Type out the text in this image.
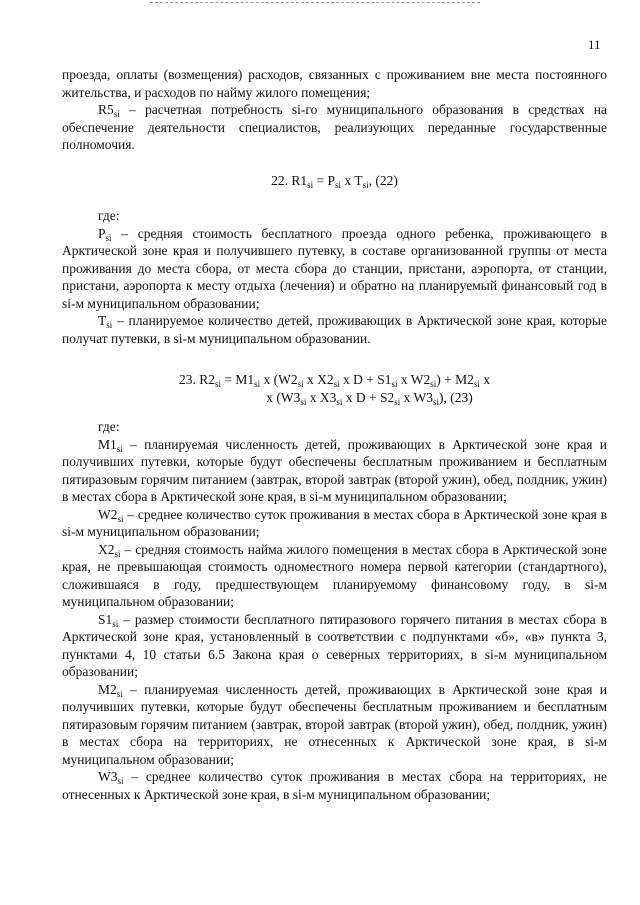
11

проезда, оплаты (возмещения) расходов, связанных с проживанием вне места постоянного жительства, и расходов по найму жилого помещения;

$R5_{si}$ – расчетная потребность si-го муниципального образования в средствах на обеспечение деятельности специалистов, реализующих переданные государственные полномочия.

22. $R1_{si} = P_{si}$ x $T_{si}$, (22)

где:

$P_{si}$ – средняя стоимость бесплатного проезда одного ребенка, проживающего в Арктической зоне края и получившего путевку, в составе организованной группы от места проживания до места сбора, от места сбора до станции, пристани, аэропорта, от станции, пристани, аэропорта к месту отдыха (лечения) и обратно на планируемый финансовый год в si-м муниципальном образовании;

$T_{si}$ – планируемое количество детей, проживающих в Арктической зоне края, которые получат путевки, в si-м муниципальном образовании.

23. $R2_{si} = M1_{si}$ x ($W2_{si}$ x $X2_{si}$ x $D + S1_{si}$ x $W2_{si}) + M2_{si}$ x
x ($W3_{si}$ x $X3_{si}$ x $D + S2_{si}$ x $W3_{si}$), (23)

где:

$M1_{si}$ – планируемая численность детей, проживающих в Арктической зоне края и получивших путевки, которые будут обеспечены бесплатным проживанием и бесплатным пятиразовым горячим питанием (завтрак, второй завтрак (второй ужин), обед, полдник, ужин) в местах сбора в Арктической зоне края, в si-м муниципальном образовании;

$W2_{si}$ – среднее количество суток проживания в местах сбора в Арктической зоне края в si-м муниципальном образовании;

$X2_{si}$ – средняя стоимость найма жилого помещения в местах сбора в Арктической зоне края, не превышающая стоимость одноместного номера первой категории (стандартного), сложившаяся в году, предшествующем планируемому финансовому году, в si-м муниципальном образовании;

$S1_{si}$ – размер стоимости бесплатного пятиразового горячего питания в местах сбора в Арктической зоне края, установленный в соответствии с подпунктами «б», «в» пункта 3, пунктами 4, 10 статьи 6.5 Закона края о северных территориях, в si-м муниципальном образовании;

$M2_{si}$ – планируемая численность детей, проживающих в Арктической зоне края и получивших путевки, которые будут обеспечены бесплатным проживанием и бесплатным пятиразовым горячим питанием (завтрак, второй завтрак (второй ужин), обед, полдник, ужин) в местах сбора на территориях, не отнесенных к Арктической зоне края, в si-м муниципальном образовании;

$W3_{si}$ – среднее количество суток проживания в местах сбора на территориях, не отнесенных к Арктической зоне края, в si-м муниципальном образовании;
